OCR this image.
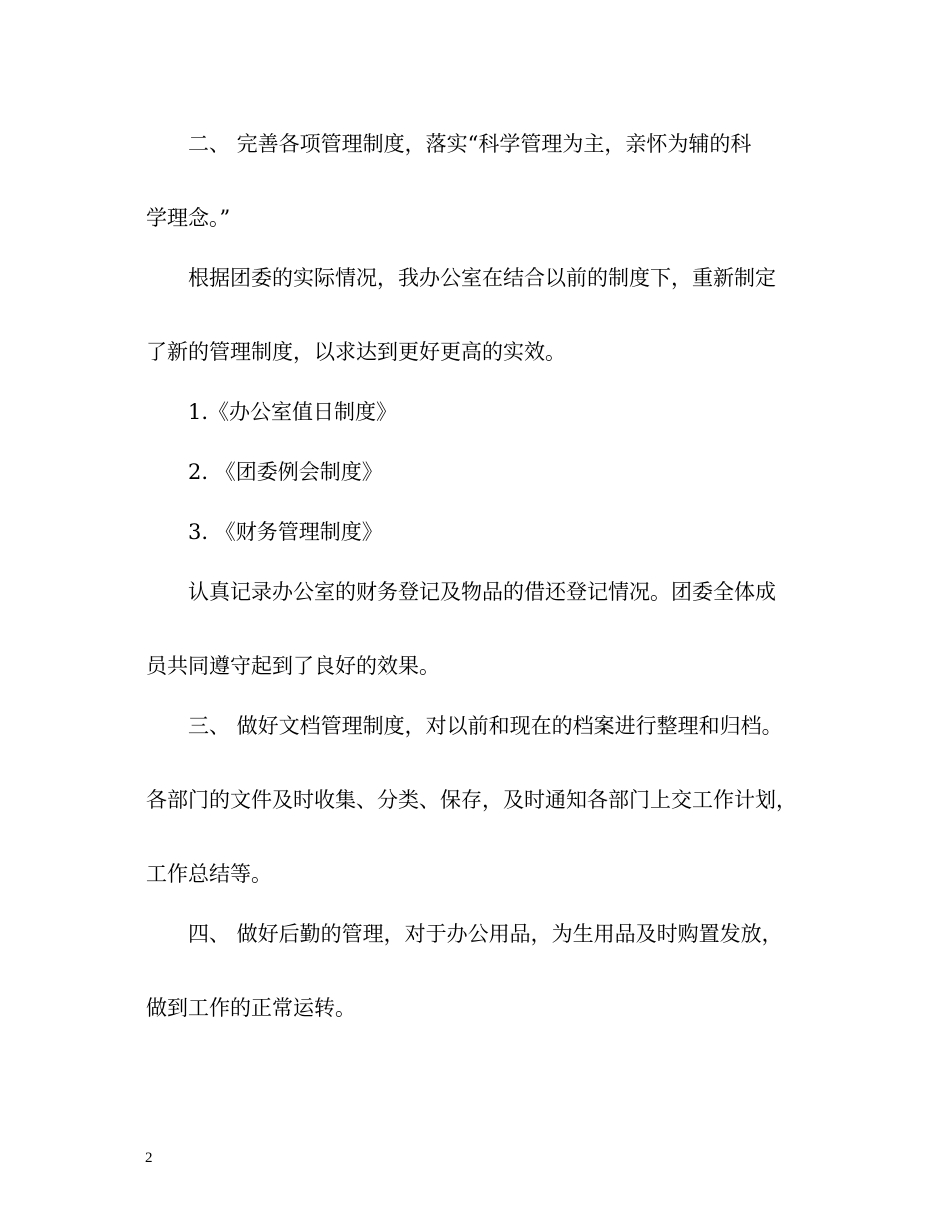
二、 完善各项管理制度，落实“科学管理为主，亲怀为辅的科
学理念。”
根据团委的实际情况，我办公室在结合以前的制度下，重新制定
了新的管理制度，以求达到更好更高的实效。
1.《办公室值日制度》
2. 《团委例会制度》
3. 《财务管理制度》
认真记录办公室的财务登记及物品的借还登记情况。团委全体成
员共同遵守起到了良好的效果。
三、 做好文档管理制度，对以前和现在的档案进行整理和归档。
各部门的文件及时收集、分类、保存，及时通知各部门上交工作计划，
工作总结等。
四、 做好后勤的管理，对于办公用品，为生用品及时购置发放，
做到工作的正常运转。
2
